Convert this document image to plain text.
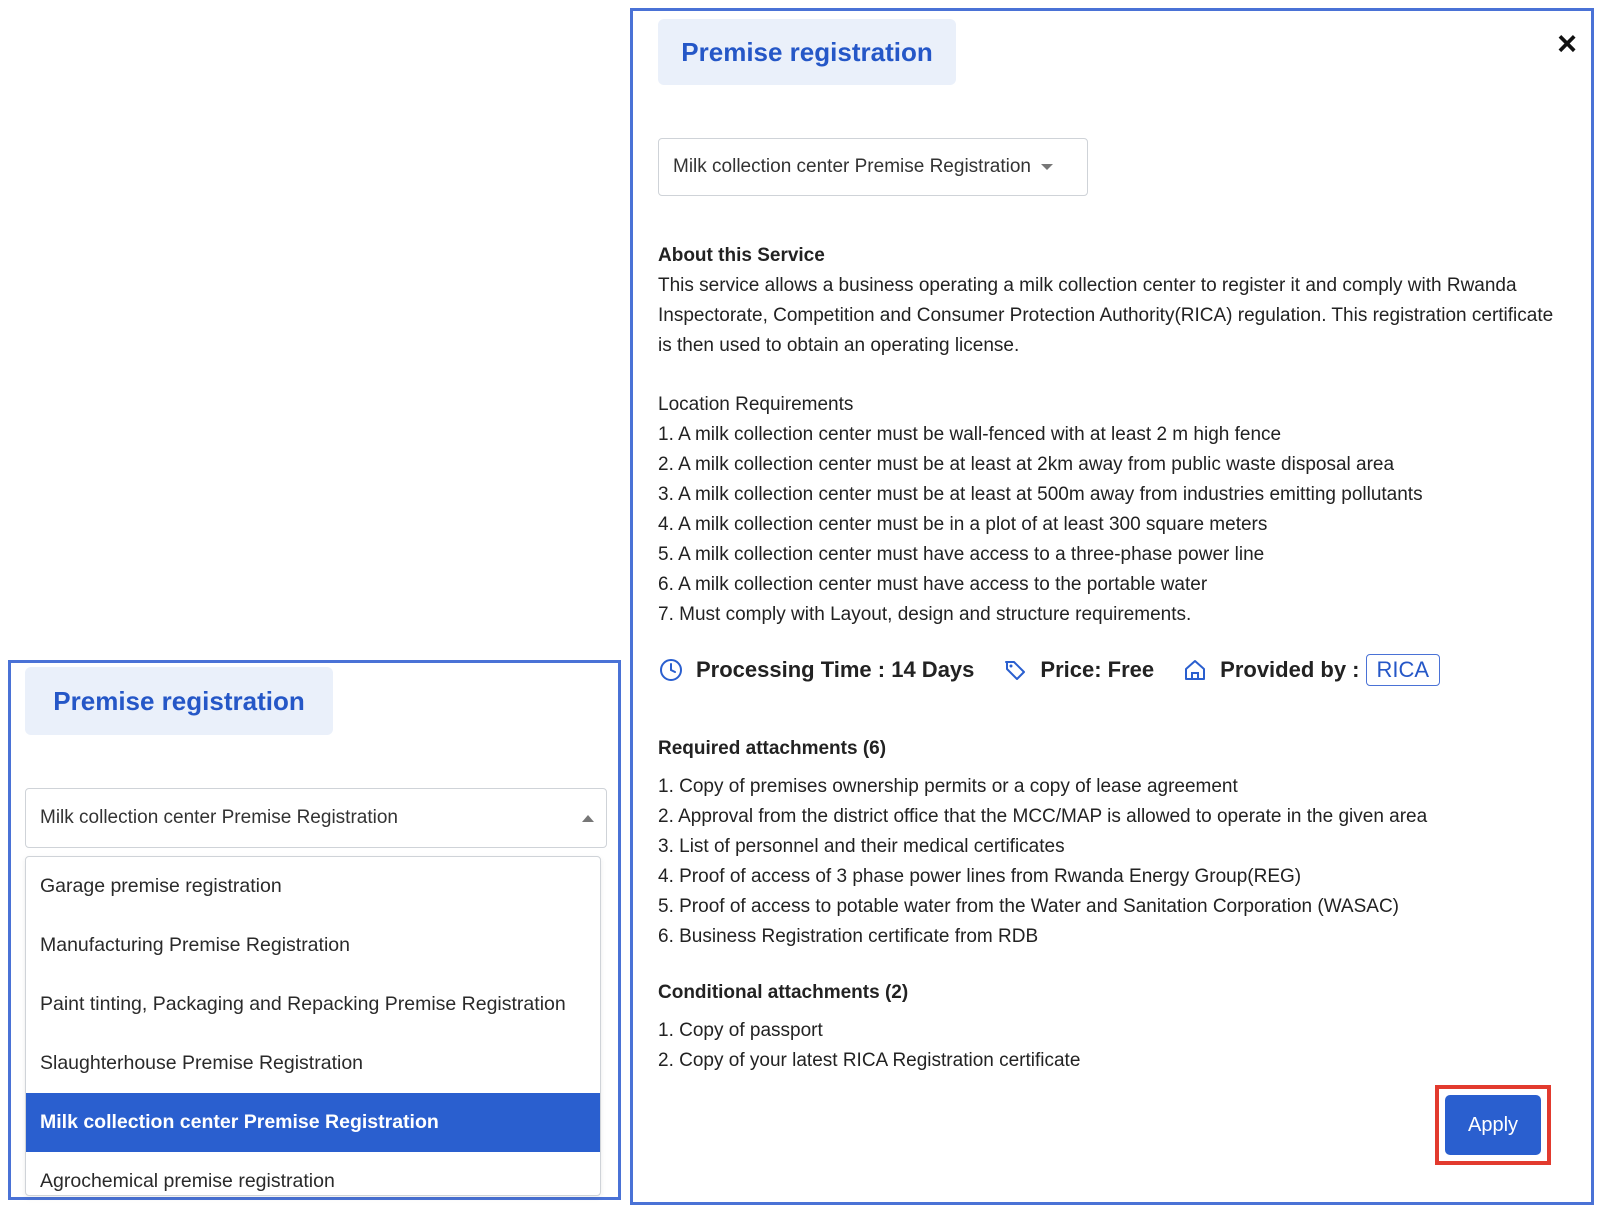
Premise registration
Milk collection center Premise Registration
Garage premise registration
Manufacturing Premise Registration
Paint tinting, Packaging and Repacking Premise Registration
Slaughterhouse Premise Registration
Milk collection center Premise Registration
Agrochemical premise registration
Premise registration	×
Milk collection center Premise Registration
About this Service
This service allows a business operating a milk collection center to register it and comply with Rwanda Inspectorate, Competition and Consumer Protection Authority(RICA) regulation. This registration certificate is then used to obtain an operating license.
Location Requirements
1. A milk collection center must be wall-fenced with at least 2 m high fence
2. A milk collection center must be at least at 2km away from public waste disposal area
3. A milk collection center must be at least at 500m away from industries emitting pollutants
4. A milk collection center must be in a plot of at least 300 square meters
5. A milk collection center must have access to a three-phase power line
6. A milk collection center must have access to the portable water
7. Must comply with Layout, design and structure requirements.
Processing Time : 14 Days	Price: Free	Provided by : RICA
Required attachments (6)
1. Copy of premises ownership permits or a copy of lease agreement
2. Approval from the district office that the MCC/MAP is allowed to operate in the given area
3. List of personnel and their medical certificates
4. Proof of access of 3 phase power lines from Rwanda Energy Group(REG)
5. Proof of access to potable water from the Water and Sanitation Corporation (WASAC)
6. Business Registration certificate from RDB
Conditional attachments (2)
1. Copy of passport
2. Copy of your latest RICA Registration certificate
Apply
